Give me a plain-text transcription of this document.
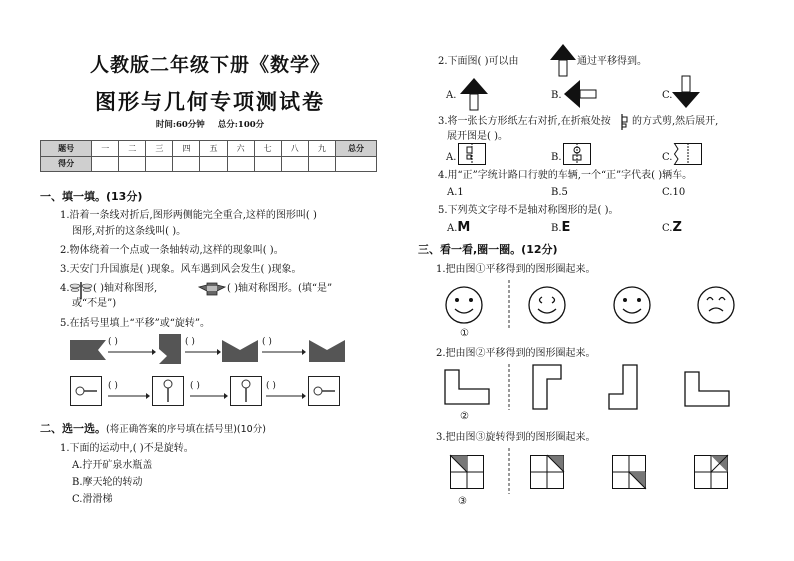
人教版二年级下册《数学》
图形与几何专项测试卷
时间:60分钟 总分:100分
题号	一	二	三	四	五	六	七	八	九	总分
得分										
一、填一填。(13分)
1.沿着一条线对折后,图形两侧能完全重合,这样的图形叫( )
图形,对折的这条线叫( )。
2.物体绕着一个点或一条轴转动,这样的现象叫( )。
3.天安门升国旗是( )现象。风车遇到风会发生( )现象。
4. ( )轴对称图形,	( )轴对称图形。(填“是”
或“不是”)
5.在括号里填上“平移”或“旋转”。
( )	( )	( )
( )	( )	( )
二、选一选。(将正确答案的序号填在括号里)(10分)
1.下面的运动中,( )不是旋转。
A.拧开矿泉水瓶盖
B.摩天轮的转动
C.滑滑梯
2.下面图( )可以由	通过平移得到。
A.	B.	C.
3.将一张长方形纸左右对折,在折痕处按 的方式剪,然后展开,
展开图是( )。
A.	B.	C.
4.用“正”字统计路口行驶的车辆,一个“正”字代表( )辆车。
A.1	B.5	C.10
5.下列英文字母不是轴对称图形的是( )。
A.M	B.E	C.Z
三、看一看,圈一圈。(12分)
1.把由图①平移得到的图形圈起来。
①
2.把由图②平移得到的图形圈起来。
②
3.把由图③旋转得到的图形圈起来。
③
